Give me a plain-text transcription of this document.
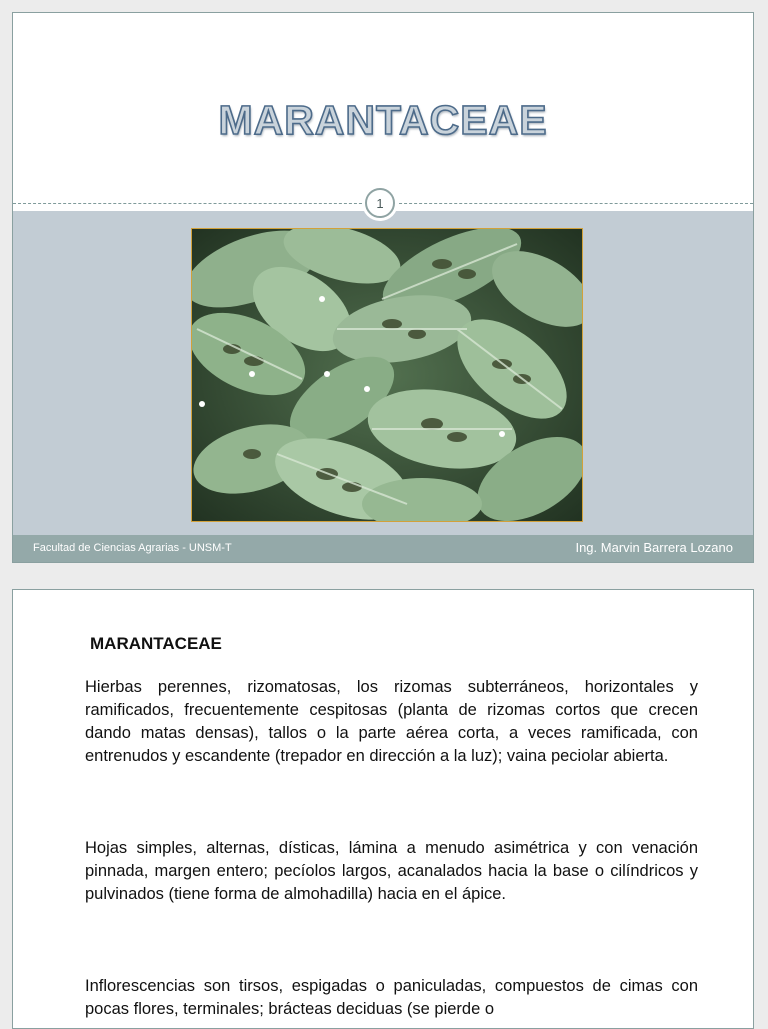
MARANTACEAE
1
Facultad de Ciencias Agrarias - UNSM-T	Ing. Marvin Barrera Lozano
MARANTACEAE
Hierbas perennes, rizomatosas, los rizomas subterráneos, horizontales y ramificados, frecuentemente cespitosas (planta de rizomas cortos que crecen dando matas densas), tallos o la parte aérea corta, a veces ramificada, con entrenudos y escandente (trepador en dirección a la luz); vaina peciolar abierta.
Hojas simples, alternas, dísticas, lámina a menudo asimétrica y con venación pinnada, margen entero; pecíolos largos, acanalados hacia la base o cilíndricos y pulvinados (tiene forma de almohadilla) hacia en el ápice.
Inflorescencias son tirsos, espigadas o paniculadas, compuestos de cimas con pocas flores, terminales; brácteas deciduas (se pierde o
